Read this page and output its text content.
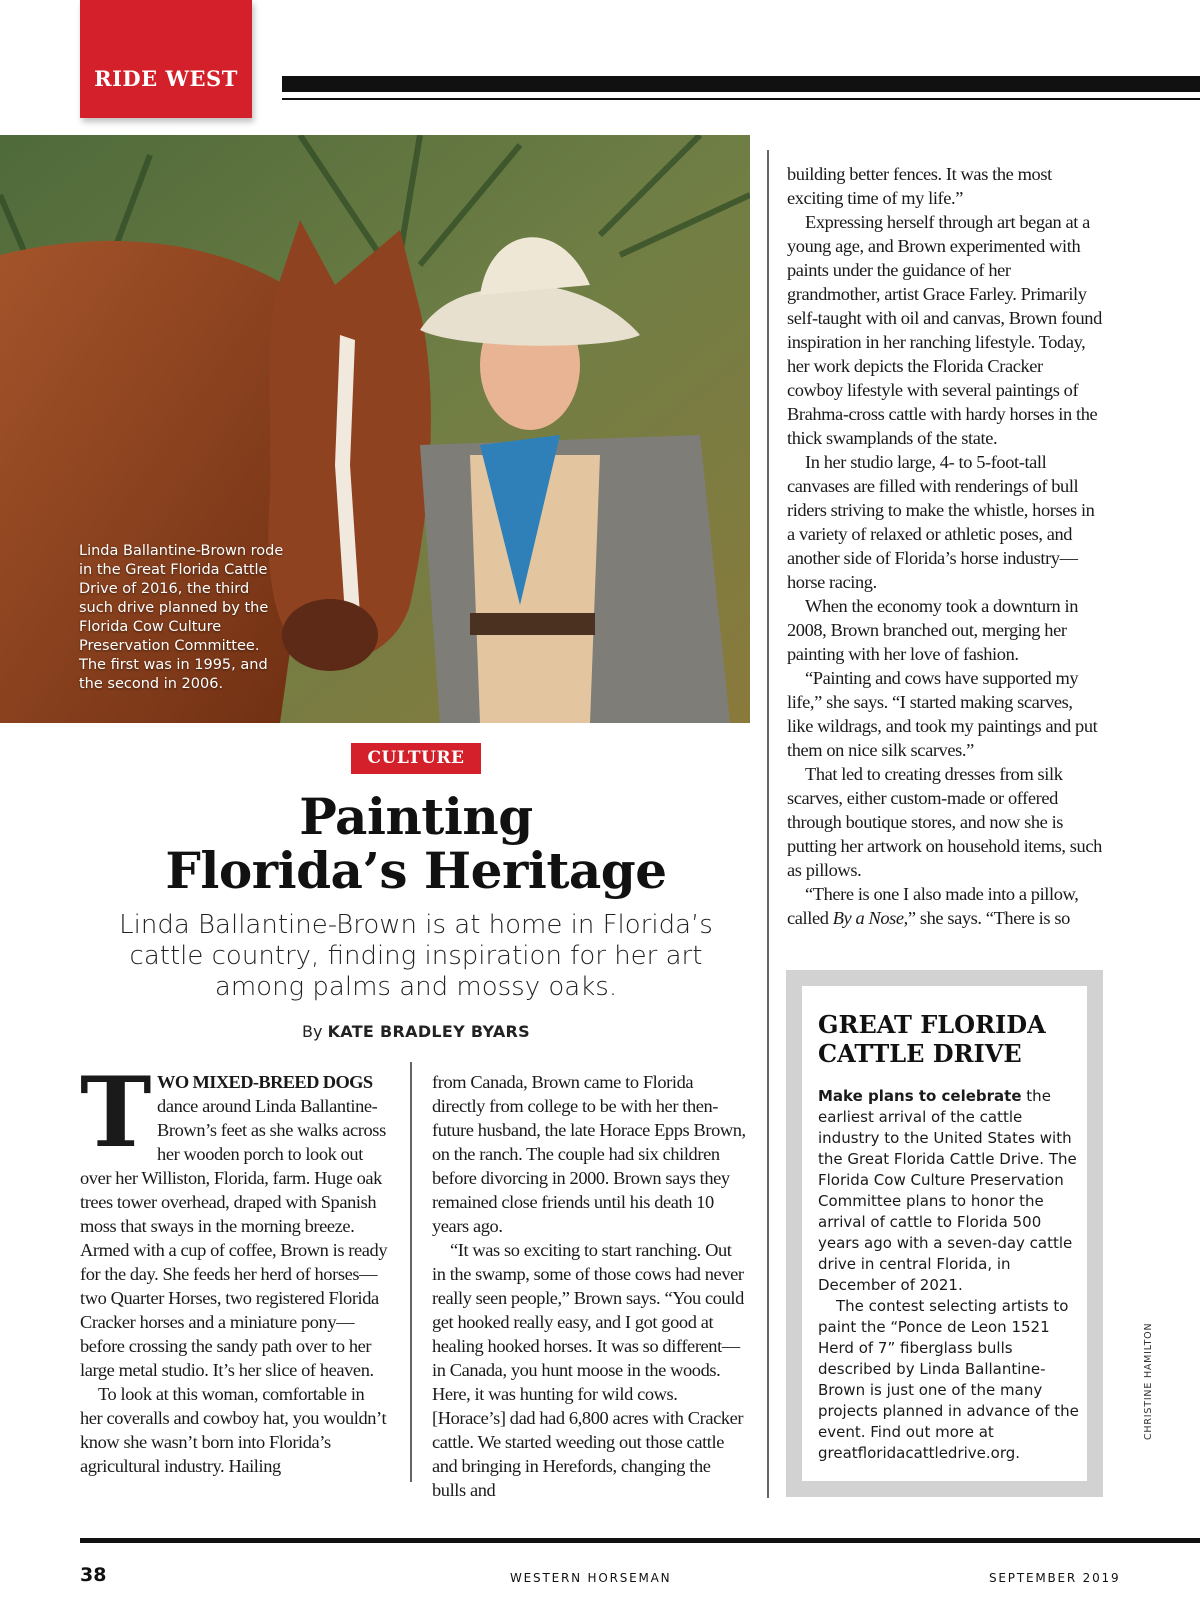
RIDE WEST
Linda Ballantine-Brown rode in the Great Florida Cattle Drive of 2016, the third such drive planned by the Florida Cow Culture Preservation Committee. The first was in 1995, and the second in 2006.
CULTURE
Painting
Florida’s Heritage
Linda Ballantine-Brown is at home in Florida’s cattle country, finding inspiration for her art among palms and mossy oaks.
By KATE BRADLEY BYARS

TWO MIXED-BREED DOGS dance around Linda Ballantine-Brown’s feet as she walks across her wooden porch to look out over her Williston, Florida, farm. Huge oak trees tower overhead, draped with Spanish moss that sways in the morning breeze. Armed with a cup of coffee, Brown is ready for the day. She feeds her herd of horses—two Quarter Horses, two registered Florida Cracker horses and a miniature pony—before crossing the sandy path over to her large metal studio. It’s her slice of heaven.

To look at this woman, comfortable in her coveralls and cowboy hat, you wouldn’t know she wasn’t born into Florida’s agricultural industry. Hailing

from Canada, Brown came to Florida directly from college to be with her then-future husband, the late Horace Epps Brown, on the ranch. The couple had six children before divorcing in 2000. Brown says they remained close friends until his death 10 years ago.

“It was so exciting to start ranching. Out in the swamp, some of those cows had never really seen people,” Brown says. “You could get hooked really easy, and I got good at healing hooked horses. It was so different—in Canada, you hunt moose in the woods. Here, it was hunting for wild cows. [Horace’s] dad had 6,800 acres with Cracker cattle. We started weeding out those cattle and bringing in Herefords, changing the bulls and

building better fences. It was the most exciting time of my life.”

Expressing herself through art began at a young age, and Brown experimented with paints under the guidance of her grandmother, artist Grace Farley. Primarily self-taught with oil and canvas, Brown found inspiration in her ranching lifestyle. Today, her work depicts the Florida Cracker cowboy lifestyle with several paintings of Brahma-cross cattle with hardy horses in the thick swamplands of the state.

In her studio large, 4- to 5-foot-tall canvases are filled with renderings of bull riders striving to make the whistle, horses in a variety of relaxed or athletic poses, and another side of Florida’s horse industry—horse racing.

When the economy took a downturn in 2008, Brown branched out, merging her painting with her love of fashion.

“Painting and cows have supported my life,” she says. “I started making scarves, like wildrags, and took my paintings and put them on nice silk scarves.”

That led to creating dresses from silk scarves, either custom-made or offered through boutique stores, and now she is putting her artwork on household items, such as pillows.

“There is one I also made into a pillow, called By a Nose,” she says. “There is so

GREAT FLORIDA
CATTLE DRIVE

Make plans to celebrate the earliest arrival of the cattle industry to the United States with the Great Florida Cattle Drive. The Florida Cow Culture Preservation Committee plans to honor the arrival of cattle to Florida 500 years ago with a seven-day cattle drive in central Florida, in December of 2021.

The contest selecting artists to paint the “Ponce de Leon 1521 Herd of 7” fiberglass bulls described by Linda Ballantine-Brown is just one of the many projects planned in advance of the event. Find out more at greatfloridacattledrive.org.

CHRISTINE HAMILTON
38	WESTERN HORSEMAN	SEPTEMBER 2019
